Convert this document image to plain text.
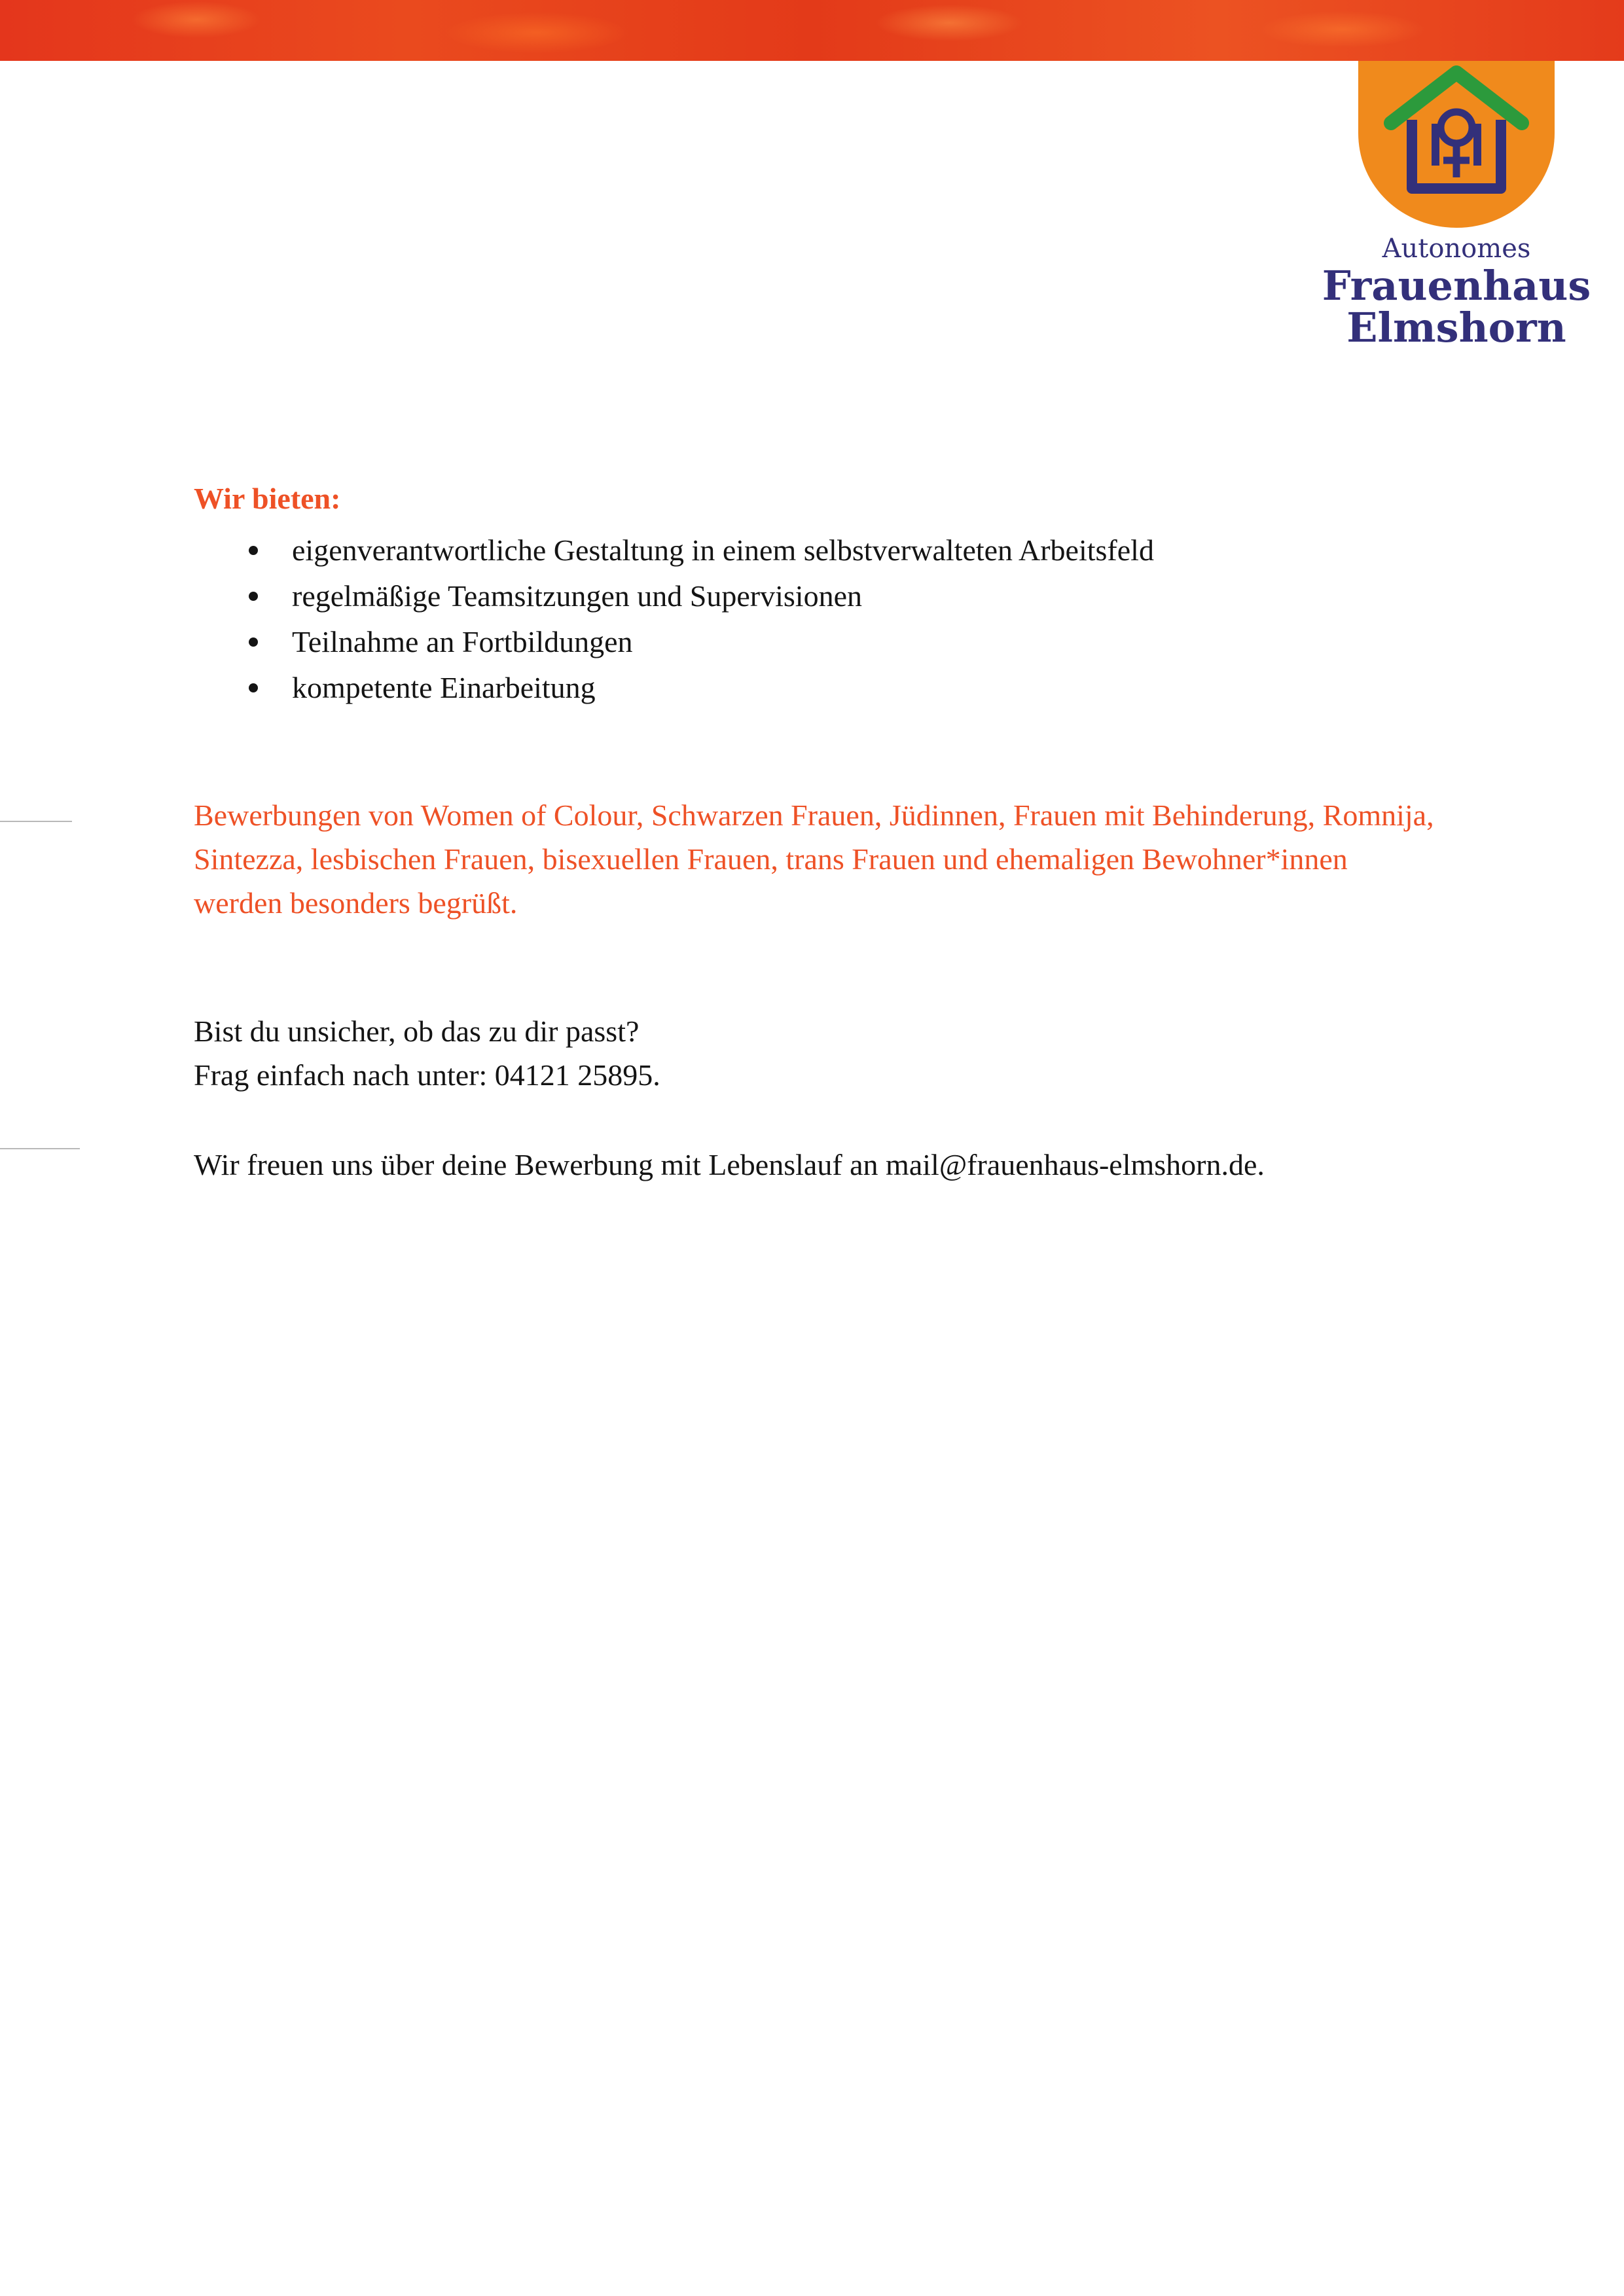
Autonomes
Frauenhaus
Elmshorn
Wir bieten:
eigenverantwortliche Gestaltung in einem selbstverwalteten Arbeitsfeld
regelmäßige Teamsitzungen und Supervisionen
Teilnahme an Fortbildungen
kompetente Einarbeitung
Bewerbungen von Women of Colour, Schwarzen Frauen, Jüdinnen, Frauen mit Behinderung, Romnija,
Sintezza, lesbischen Frauen, bisexuellen Frauen, trans Frauen und ehemaligen Bewohner*innen
werden besonders begrüßt.
Bist du unsicher, ob das zu dir passt?
Frag einfach nach unter: 04121 25895.
Wir freuen uns über deine Bewerbung mit Lebenslauf an mail@frauenhaus-elmshorn.de.
